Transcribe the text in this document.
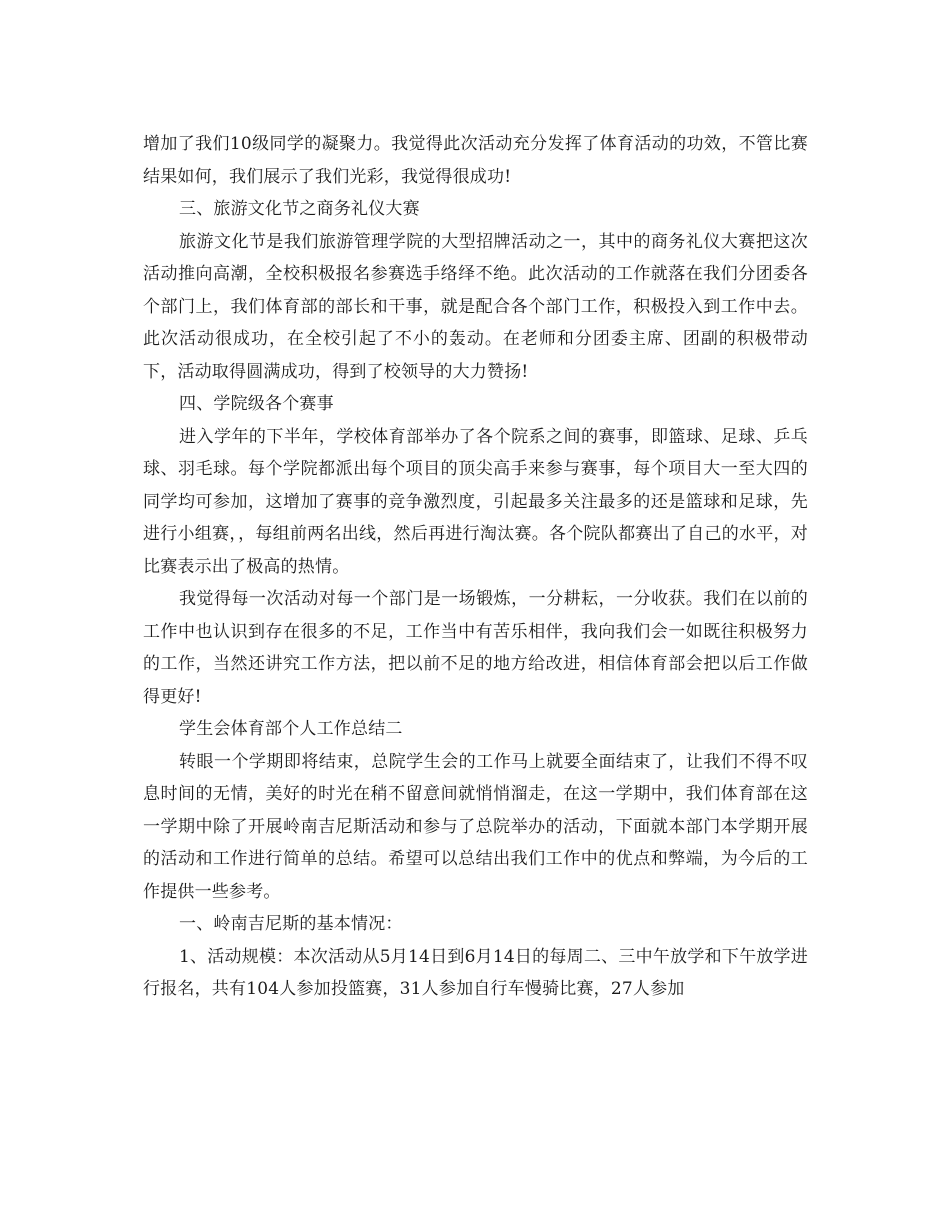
增加了我们10级同学的凝聚力。我觉得此次活动充分发挥了体育活动的功效，不管比赛结果如何，我们展示了我们光彩，我觉得很成功!

三、旅游文化节之商务礼仪大赛

旅游文化节是我们旅游管理学院的大型招牌活动之一，其中的商务礼仪大赛把这次活动推向高潮，全校积极报名参赛选手络绎不绝。此次活动的工作就落在我们分团委各个部门上，我们体育部的部长和干事，就是配合各个部门工作，积极投入到工作中去。此次活动很成功，在全校引起了不小的轰动。在老师和分团委主席、团副的积极带动下，活动取得圆满成功，得到了校领导的大力赞扬!

四、学院级各个赛事

进入学年的下半年，学校体育部举办了各个院系之间的赛事，即篮球、足球、乒乓球、羽毛球。每个学院都派出每个项目的顶尖高手来参与赛事，每个项目大一至大四的同学均可参加，这增加了赛事的竞争激烈度，引起最多关注最多的还是篮球和足球，先进行小组赛，，每组前两名出线，然后再进行淘汰赛。各个院队都赛出了自己的水平，对比赛表示出了极高的热情。

我觉得每一次活动对每一个部门是一场锻炼，一分耕耘，一分收获。我们在以前的工作中也认识到存在很多的不足，工作当中有苦乐相伴，我向我们会一如既往积极努力的工作，当然还讲究工作方法，把以前不足的地方给改进，相信体育部会把以后工作做得更好!

学生会体育部个人工作总结二

转眼一个学期即将结束，总院学生会的工作马上就要全面结束了，让我们不得不叹息时间的无情，美好的时光在稍不留意间就悄悄溜走，在这一学期中，我们体育部在这一学期中除了开展岭南吉尼斯活动和参与了总院举办的活动，下面就本部门本学期开展的活动和工作进行简单的总结。希望可以总结出我们工作中的优点和弊端，为今后的工作提供一些参考。

一、岭南吉尼斯的基本情况：

1、活动规模：本次活动从5月14日到6月14日的每周二、三中午放学和下午放学进行报名，共有104人参加投篮赛，31人参加自行车慢骑比赛，27人参加
